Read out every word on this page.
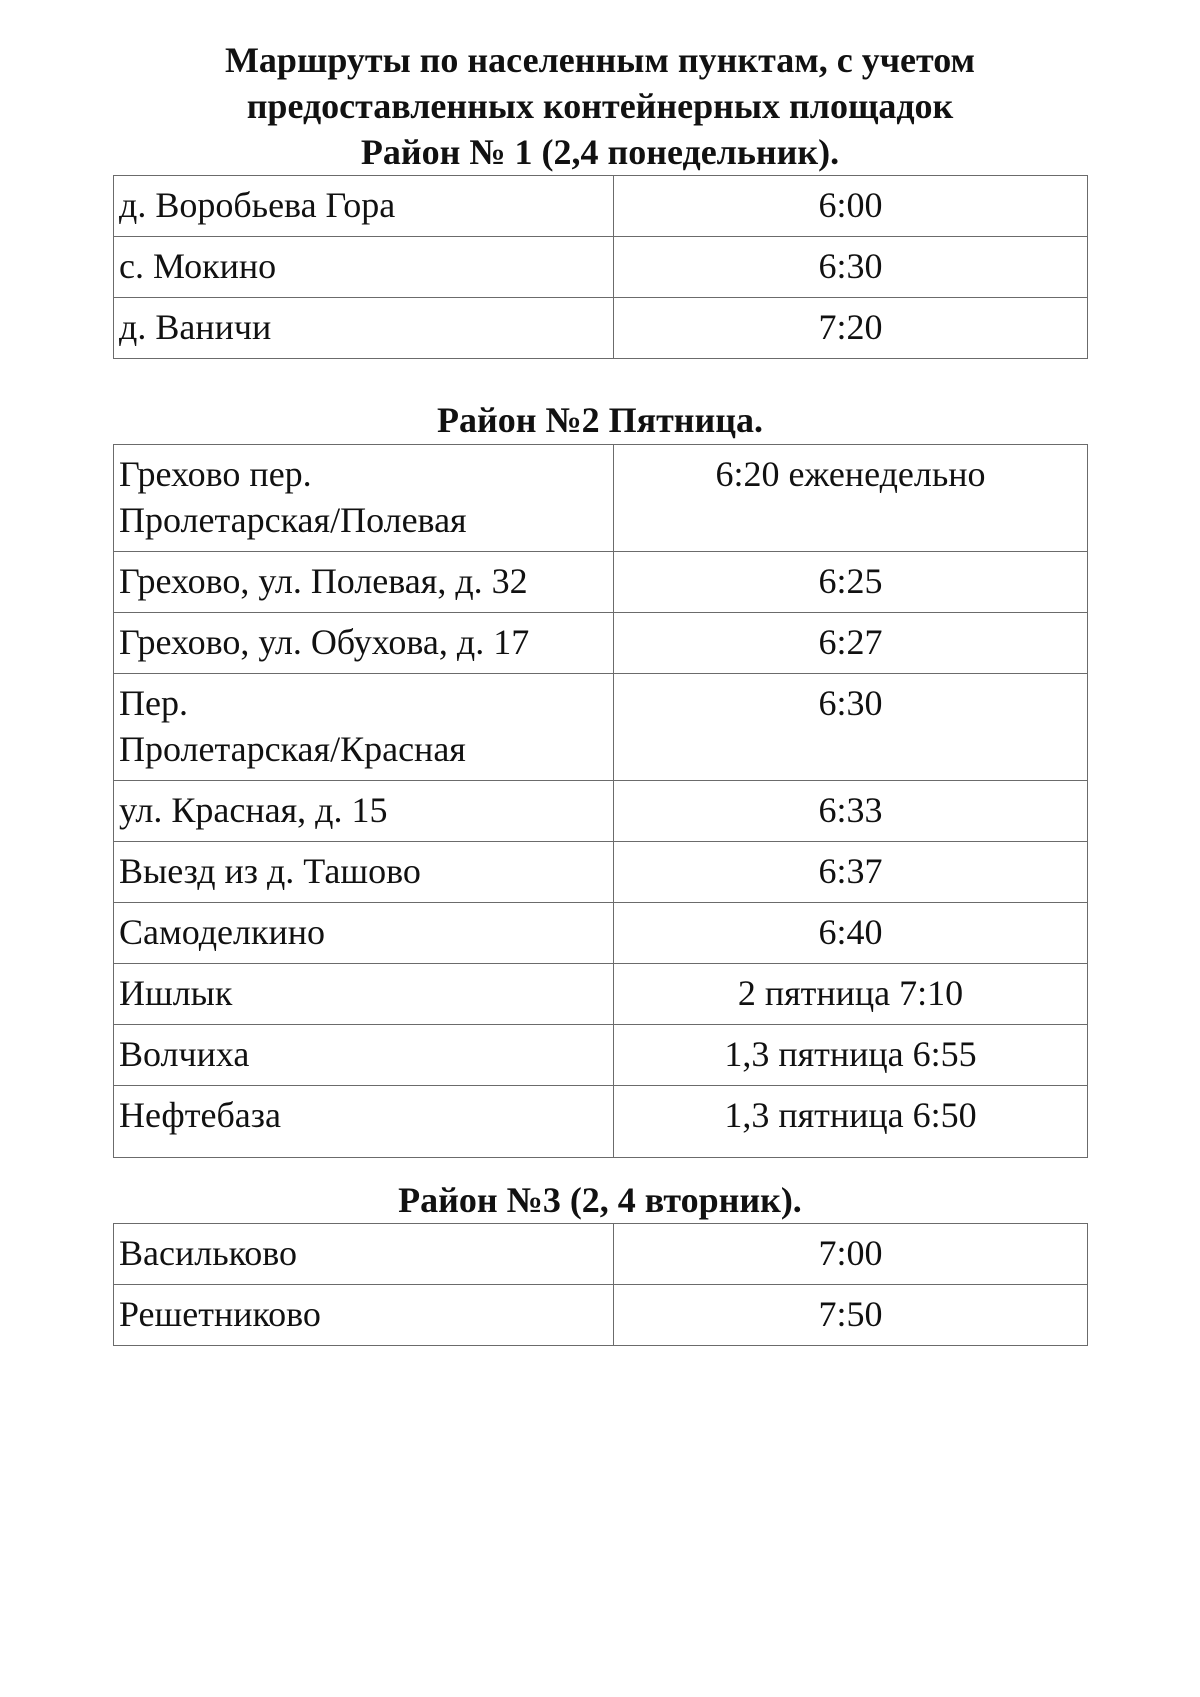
Маршруты по населенным пунктам, с учетом
предоставленных контейнерных площадок
Район № 1 (2,4 понедельник).
д. Воробьева Гора	6:00
с. Мокино	6:30
д. Ваничи	7:20
Район №2 Пятница.
Грехово пер.
Пролетарская/Полевая	6:20 еженедельно
Грехово, ул. Полевая, д. 32	6:25
Грехово, ул. Обухова, д. 17	6:27
Пер.
Пролетарская/Красная	6:30
ул. Красная, д. 15	6:33
Выезд из д. Ташово	6:37
Самоделкино	6:40
Ишлык	2 пятница 7:10
Волчиха	1,3 пятница 6:55
Нефтебаза	1,3 пятница 6:50
Район №3 (2, 4 вторник).
Васильково	7:00
Решетниково	7:50
